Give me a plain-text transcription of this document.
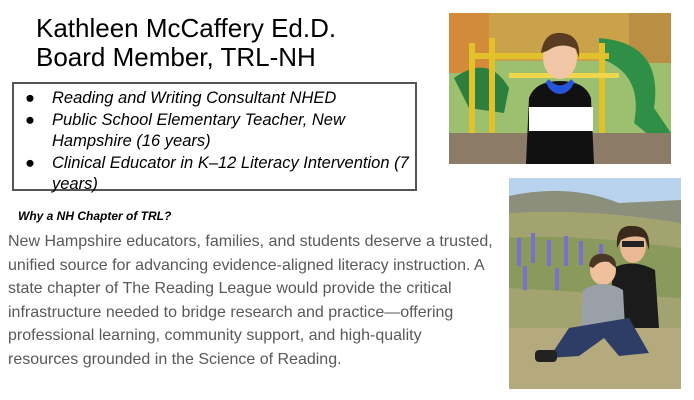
Kathleen McCaffery Ed.D.
Board Member, TRL-NH
● Reading and Writing Consultant NHED
● Public School Elementary Teacher, New Hampshire (16 years)
● Clinical Educator in K–12 Literacy Intervention (7 years)
Why a NH Chapter of TRL?
New Hampshire educators, families, and students deserve a trusted, unified source for advancing evidence-aligned literacy instruction. A state chapter of The Reading League would provide the critical infrastructure needed to bridge research and practice—offering professional learning, community support, and high-quality resources grounded in the Science of Reading.
